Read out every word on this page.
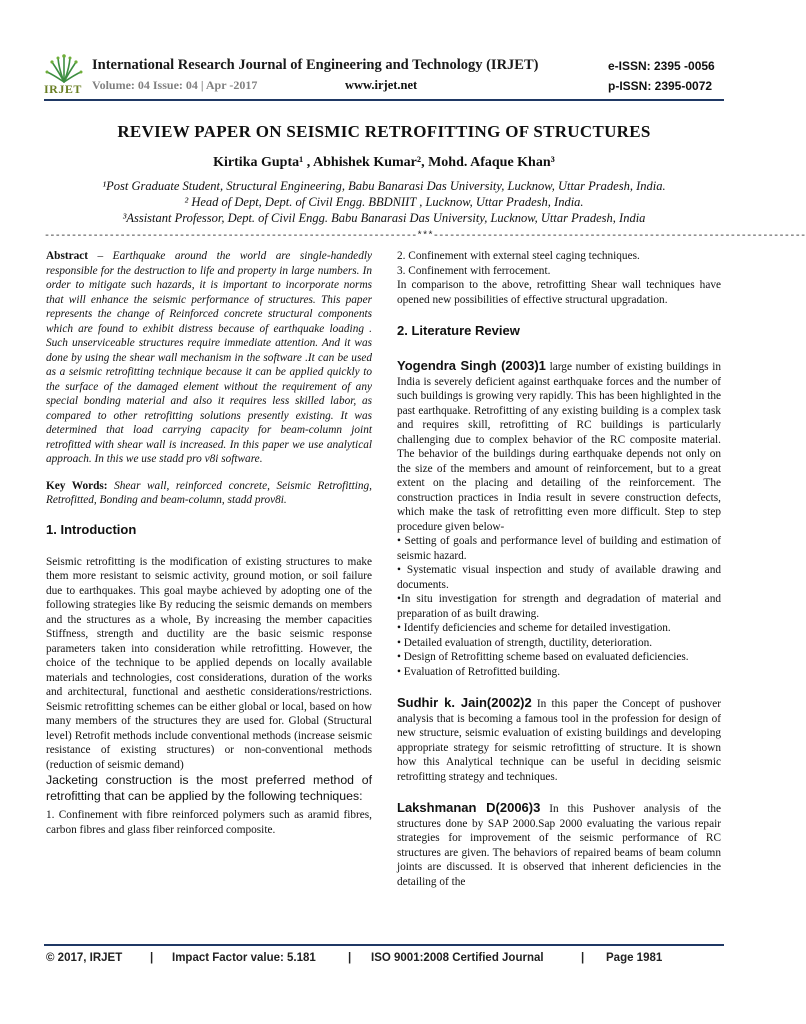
IRJET
International Research Journal of Engineering and Technology (IRJET)
Volume: 04 Issue: 04 | Apr -2017	www.irjet.net
e-ISSN: 2395 -0056
p-ISSN: 2395-0072
REVIEW PAPER ON SEISMIC RETROFITTING OF STRUCTURES
Kirtika Gupta¹ , Abhishek Kumar², Mohd. Afaque Khan³
¹Post Graduate Student, Structural Engineering, Babu Banarasi Das University, Lucknow, Uttar Pradesh, India.
² Head of Dept, Dept. of Civil Engg. BBDNIIT , Lucknow, Uttar Pradesh, India.
³Assistant Professor, Dept. of Civil Engg. Babu Banarasi Das University, Lucknow, Uttar Pradesh, India
---------------------------------------------------------------------***---------------------------------------------------------------------

Abstract – Earthquake around the world are single-handedly responsible for the destruction to life and property in large numbers. In order to mitigate such hazards, it is important to incorporate norms that will enhance the seismic performance of structures. This paper represents the change of Reinforced concrete structural components which are found to exhibit distress because of earthquake loading . Such unserviceable structures require immediate attention. And it was done by using the shear wall mechanism in the software .It can be used as a seismic retrofitting technique because it can be applied quickly to the surface of the damaged element without the requirement of any special bonding material and also it requires less skilled labor, as compared to other retrofitting solutions presently existing. It was determined that load carrying capacity for beam-column joint retrofitted with shear wall is increased. In this paper we use analytical approach. In this we use stadd pro v8i software.

Key Words: Shear wall, reinforced concrete, Seismic Retrofitting, Retrofitted, Bonding and beam-column, stadd prov8i.

1. Introduction

Seismic retrofitting is the modification of existing structures to make them more resistant to seismic activity, ground motion, or soil failure due to earthquakes. This goal maybe achieved by adopting one of the following strategies like By reducing the seismic demands on members and the structures as a whole, By increasing the member capacities Stiffness, strength and ductility are the basic seismic response parameters taken into consideration while retrofitting. However, the choice of the technique to be applied depends on locally available materials and technologies, cost considerations, duration of the works and architectural, functional and aesthetic considerations/restrictions. Seismic retrofitting schemes can be either global or local, based on how many members of the structures they are used for. Global (Structural level) Retrofit methods include conventional methods (increase seismic resistance of existing structures) or non-conventional methods (reduction of seismic demand)

Jacketing construction is the most preferred method of retrofitting that can be applied by the following techniques:

1. Confinement with fibre reinforced polymers such as aramid fibres, carbon fibres and glass fiber reinforced composite.

2. Confinement with external steel caging techniques.

3. Confinement with ferrocement.

In comparison to the above, retrofitting Shear wall techniques have opened new possibilities of effective structural upgradation.

2. Literature Review

Yogendra Singh (2003)1 large number of existing buildings in India is severely deficient against earthquake forces and the number of such buildings is growing very rapidly. This has been highlighted in the past earthquake. Retrofitting of any existing building is a complex task and requires skill, retrofitting of RC buildings is particularly challenging due to complex behavior of the RC composite material. The behavior of the buildings during earthquake depends not only on the size of the members and amount of reinforcement, but to a great extent on the placing and detailing of the reinforcement. The construction practices in India result in severe construction defects, which make the task of retrofitting even more difficult. Step to step procedure given below-

• Setting of goals and performance level of building and estimation of seismic hazard.

• Systematic visual inspection and study of available drawing and documents.

•In situ investigation for strength and degradation of material and preparation of as built drawing.

• Identify deficiencies and scheme for detailed investigation.

• Detailed evaluation of strength, ductility, deterioration.

• Design of Retrofitting scheme based on evaluated deficiencies.

• Evaluation of Retrofitted building.

Sudhir k. Jain(2002)2 In this paper the Concept of pushover analysis that is becoming a famous tool in the profession for design of new structure, seismic evaluation of existing buildings and developing appropriate strategy for seismic retrofitting of structure. It is shown how this Analytical technique can be useful in deciding seismic retrofitting strategy and techniques.

Lakshmanan D(2006)3 In this Pushover analysis of the structures done by SAP 2000.Sap 2000 evaluating the various repair strategies for improvement of the seismic performance of RC structures are given. The behaviors of repaired beams of beam column joints are discussed. It is observed that inherent deficiencies in the detailing of the

© 2017, IRJET | Impact Factor value: 5.181	| ISO 9001:2008 Certified Journal	| Page 1981
